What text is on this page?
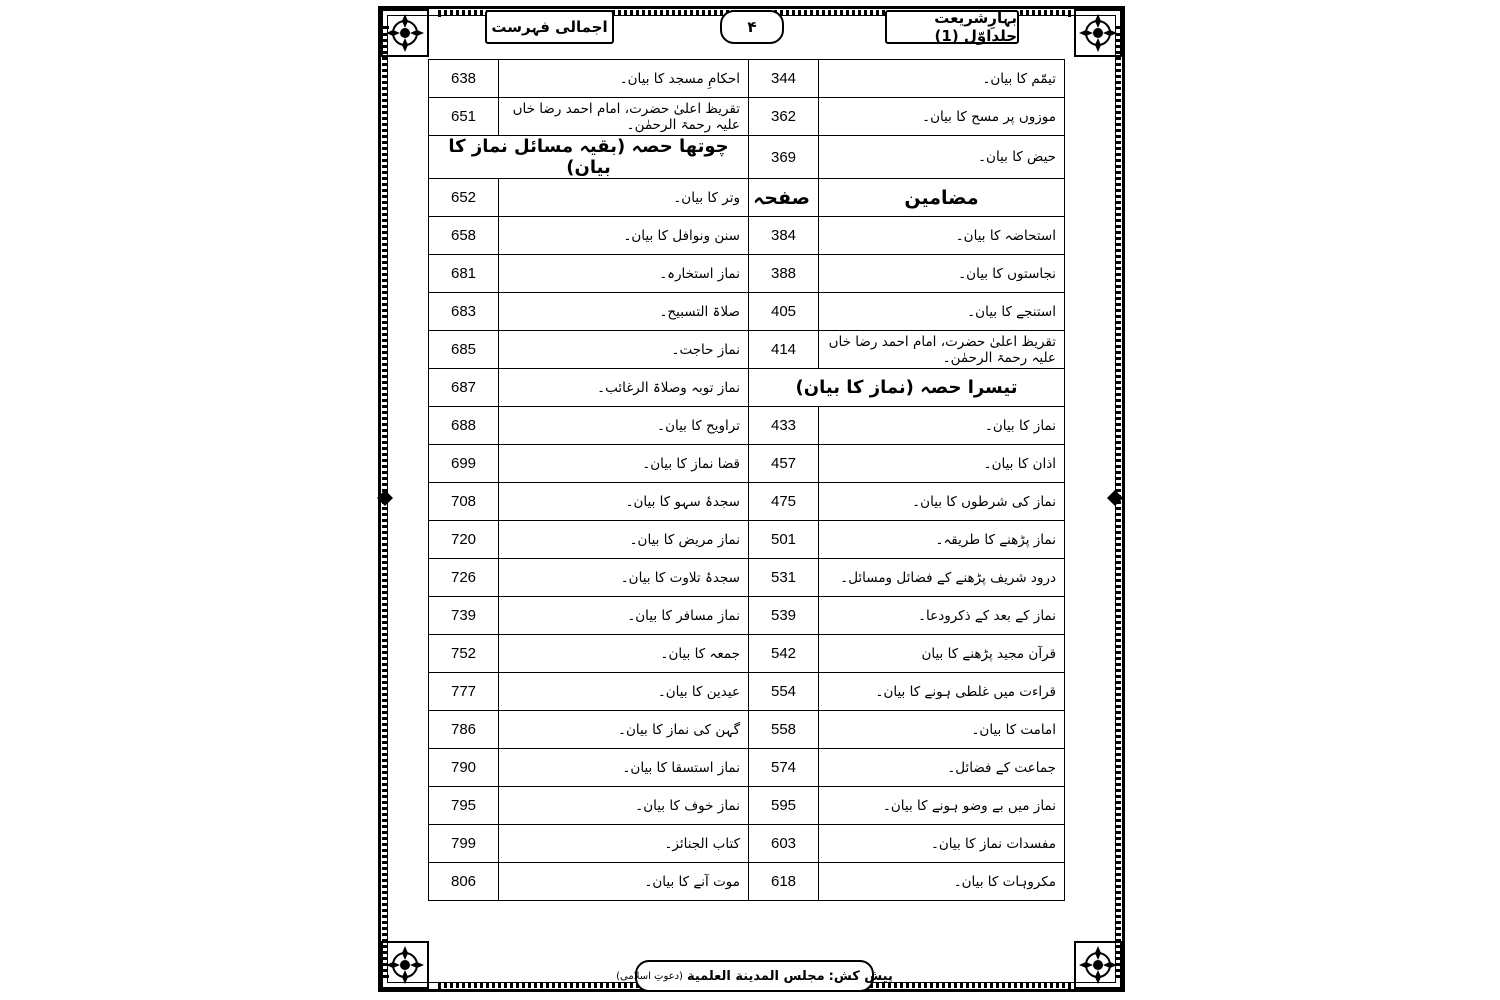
اجمالی فہرست	۴	بہارِشریعت جلداوّل (1)
638	احکامِ مسجد کا بیان۔	344	تیمّم کا بیان۔
651	تقریظ اعلیٰ حضرت، امام احمد رضا خاں علیہ رحمۃ الرحمٰن۔	362	موزوں پر مسح کا بیان۔
چوتھا حصہ (بقیہ مسائل نماز کا بیان)		369	حیض کا بیان۔
652	وتر کا بیان۔	صفحہ	مضامین
658	سنن ونوافل کا بیان۔	384	استحاضہ کا بیان۔
681	نماز استخارہ۔	388	نجاستوں کا بیان۔
683	صلاۃ التسبیح۔	405	استنجے کا بیان۔
685	نماز حاجت۔	414	تقریظ اعلیٰ حضرت، امام احمد رضا خاں علیہ رحمۃ الرحمٰن۔
687	نماز توبہ وصلاۃ الرغائب۔	تیسرا حصہ (نماز کا بیان)	
688	تراویح کا بیان۔	433	نماز کا بیان۔
699	قضا نماز کا بیان۔	457	اذان کا بیان۔
708	سجدۂ سہو کا بیان۔	475	نماز کی شرطوں کا بیان۔
720	نماز مریض کا بیان۔	501	نماز پڑھنے کا طریقہ۔
726	سجدۂ تلاوت کا بیان۔	531	درود شریف پڑھنے کے فضائل ومسائل۔
739	نماز مسافر کا بیان۔	539	نماز کے بعد کے ذکرودعا۔
752	جمعہ کا بیان۔	542	قرآن مجید پڑھنے کا بیان
777	عیدین کا بیان۔	554	قراءت میں غلطی ہونے کا بیان۔
786	گہن کی نماز کا بیان۔	558	امامت کا بیان۔
790	نماز استسقا کا بیان۔	574	جماعت کے فضائل۔
795	نماز خوف کا بیان۔	595	نماز میں بے وضو ہونے کا بیان۔
799	کتاب الجنائز۔	603	مفسدات نماز کا بیان۔
806	موت آنے کا بیان۔	618	مکروہات کا بیان۔
پیش کش:
مجلس المدينة العلمية
(دعوتِ اسلامی)
